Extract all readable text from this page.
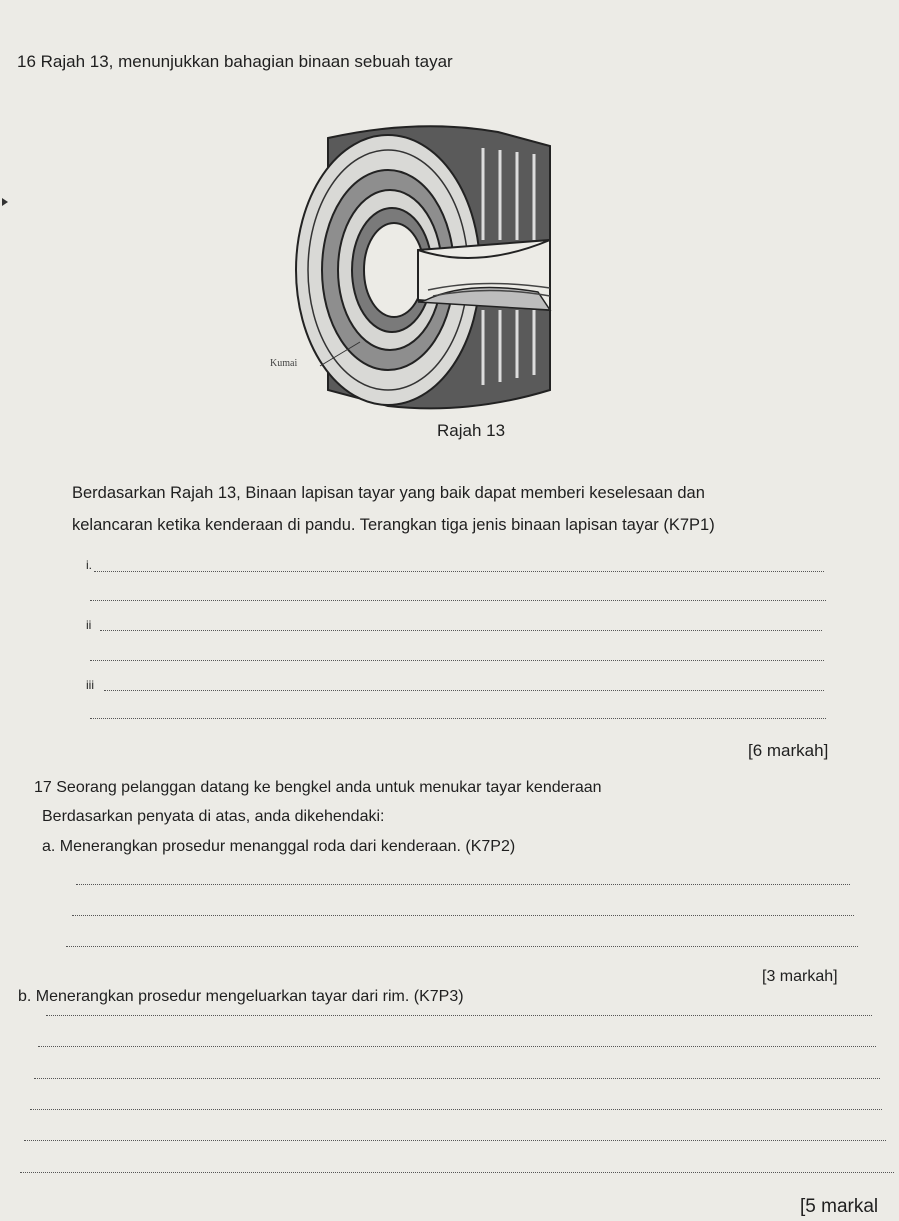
16 Rajah 13, menunjukkan bahagian binaan sebuah tayar
Kumai
Rajah 13
Berdasarkan Rajah 13, Binaan lapisan tayar yang baik dapat memberi keselesaan dan
kelancaran ketika kenderaan di pandu. Terangkan tiga jenis binaan lapisan tayar (K7P1)
i.
ii
iii
[6 markah]
17 Seorang pelanggan datang ke bengkel anda untuk menukar tayar kenderaan
Berdasarkan penyata di atas, anda dikehendaki:
a. Menerangkan prosedur menanggal roda dari kenderaan. (K7P2)
[3 markah]
b. Menerangkan prosedur mengeluarkan tayar dari rim. (K7P3)
[5 markal
